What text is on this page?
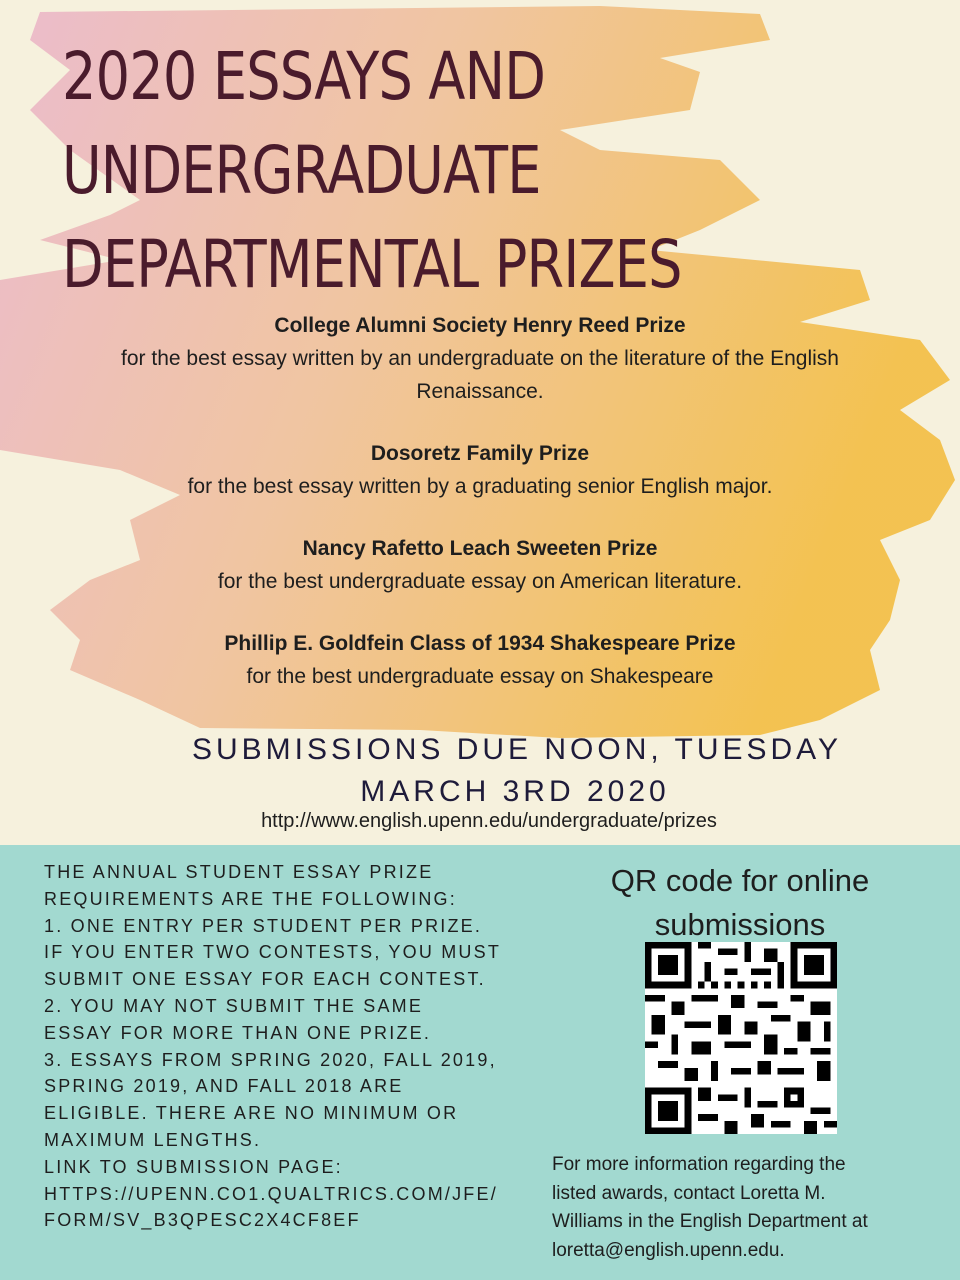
2020 ESSAYS AND
UNDERGRADUATE
DEPARTMENTAL PRIZES
College Alumni Society Henry Reed Prize
for the best essay written by an undergraduate on the literature of the English
Renaissance.
Dosoretz Family Prize
for the best essay written by a graduating senior English major.
Nancy Rafetto Leach Sweeten Prize
for the best undergraduate essay on American literature.
Phillip E. Goldfein Class of 1934 Shakespeare Prize
for the best undergraduate essay on Shakespeare
SUBMISSIONS DUE NOON, TUESDAY
MARCH 3RD 2020
http://www.english.upenn.edu/undergraduate/prizes
THE ANNUAL STUDENT ESSAY PRIZE
REQUIREMENTS ARE THE FOLLOWING:
1. ONE ENTRY PER STUDENT PER PRIZE.
IF YOU ENTER TWO CONTESTS, YOU MUST
SUBMIT ONE ESSAY FOR EACH CONTEST.
2. YOU MAY NOT SUBMIT THE SAME
ESSAY FOR MORE THAN ONE PRIZE.
3. ESSAYS FROM SPRING 2020, FALL 2019,
SPRING 2019, AND FALL 2018 ARE
ELIGIBLE. THERE ARE NO MINIMUM OR
MAXIMUM LENGTHS.
LINK TO SUBMISSION PAGE:
HTTPS://UPENN.CO1.QUALTRICS.COM/JFE/
FORM/SV_B3QPESC2X4CF8EF
QR code for online
submissions
For more information regarding the
listed awards, contact Loretta M.
Williams in the English Department at
loretta@english.upenn.edu.
